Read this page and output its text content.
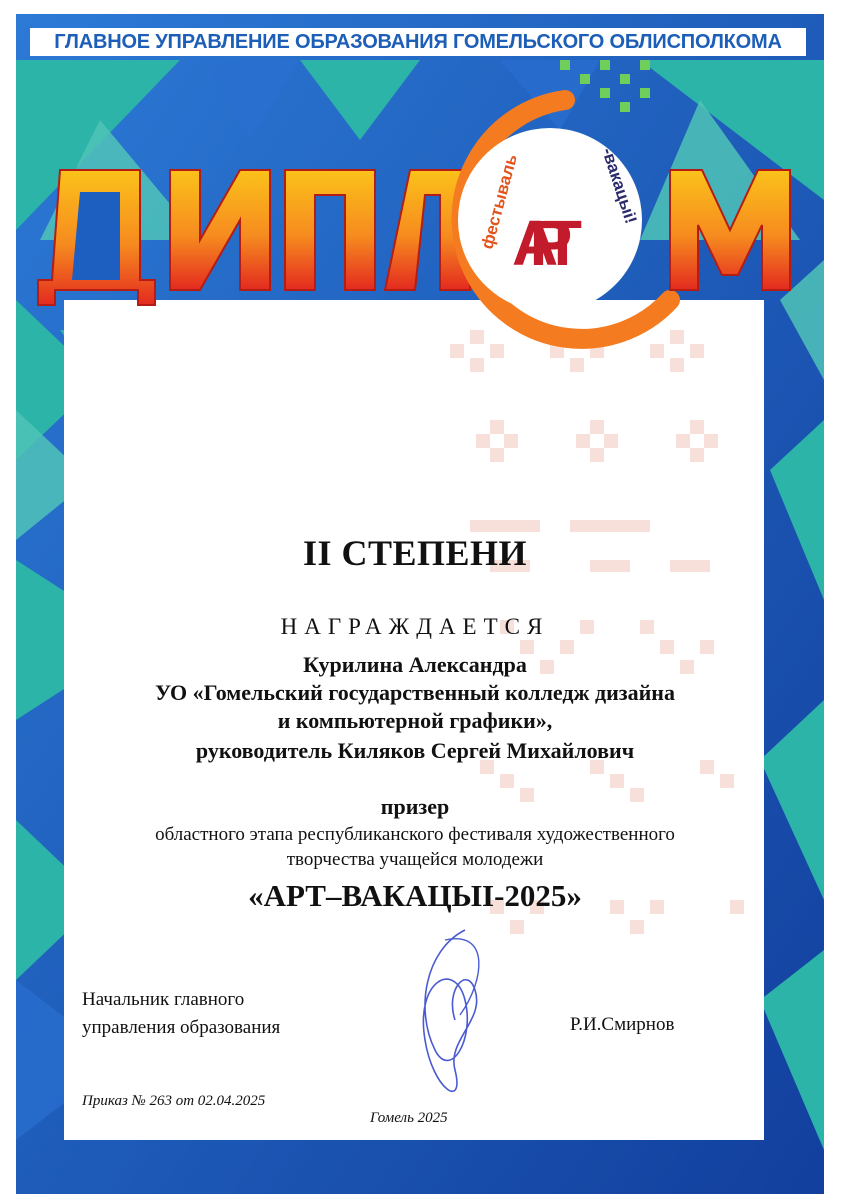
ГЛАВНОЕ УПРАВЛЕНИЕ ОБРАЗОВАНИЯ ГОМЕЛЬСКОГО ОБЛИСПОЛКОМА
фестываль
АРТ
-вакацыі!
II СТЕПЕНИ
НАГРАЖДАЕТСЯ
Курилина Александра
УО «Гомельский государственный колледж дизайна
и компьютерной графики»,
руководитель Киляков Сергей Михайлович
призер
областного этапа республиканского фестиваля художественного
творчества учащейся молодежи
«АРТ–ВАКАЦЫІ-2025»
Начальник главного
управления образования	Р.И.Смирнов
Приказ № 263 от 02.04.2025
Гомель 2025
